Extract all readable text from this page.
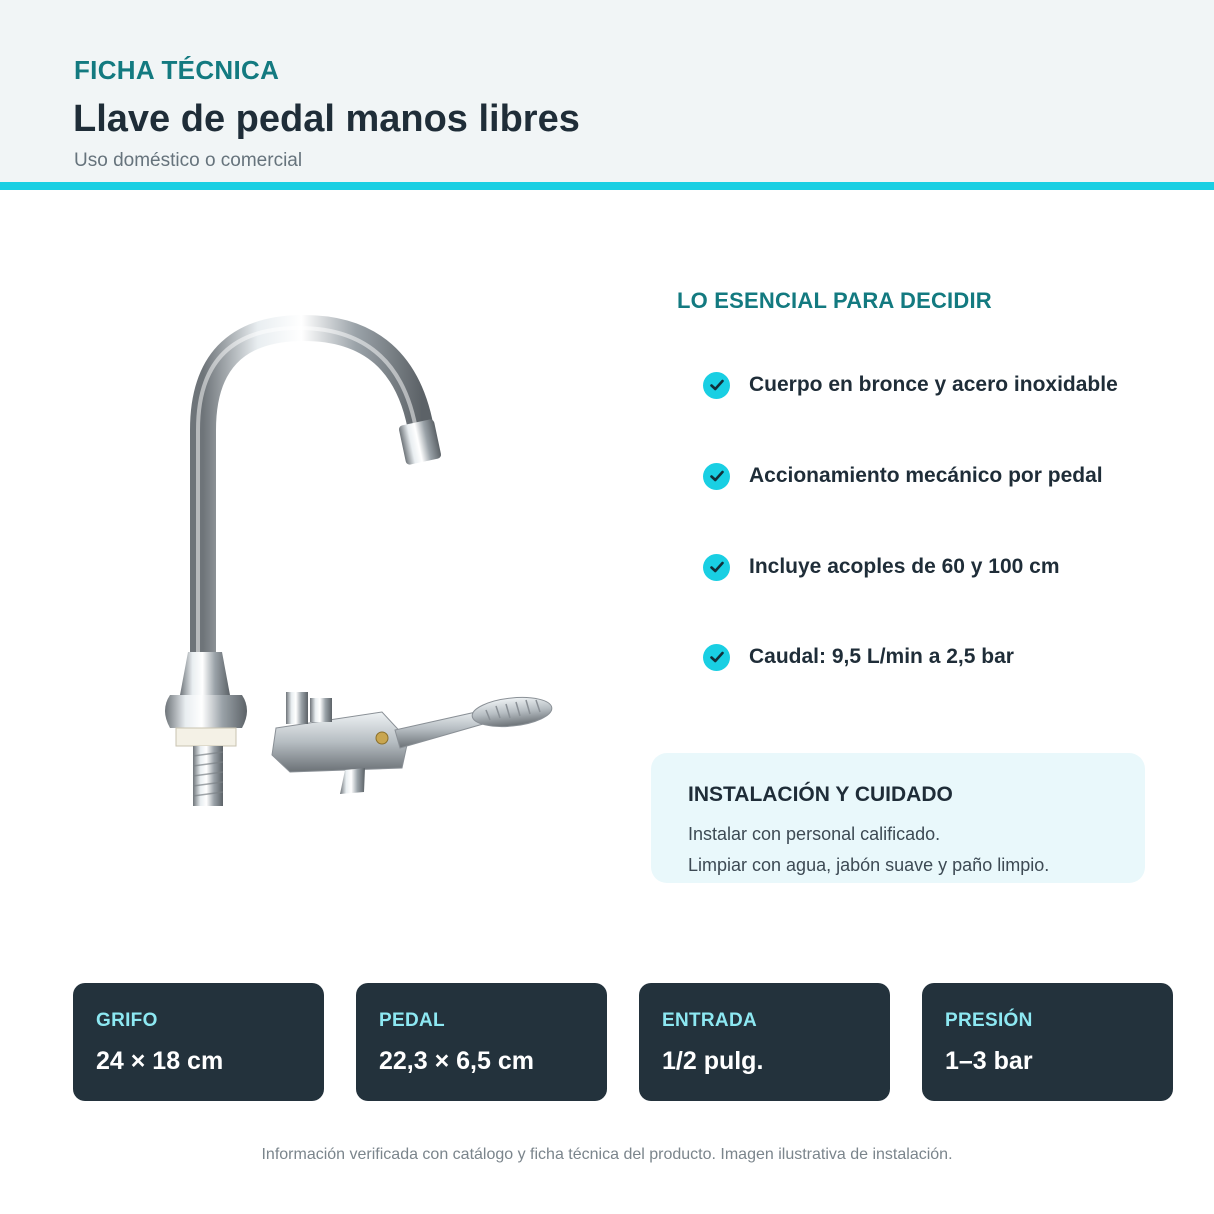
FICHA TÉCNICA
Llave de pedal manos libres
Uso doméstico o comercial
LO ESENCIAL PARA DECIDIR
Cuerpo en bronce y acero inoxidable
Accionamiento mecánico por pedal
Incluye acoples de 60 y 100 cm
Caudal: 9,5 L/min a 2,5 bar
INSTALACIÓN Y CUIDADO
Instalar con personal calificado.
Limpiar con agua, jabón suave y paño limpio.
GRIFO
24 × 18 cm
PEDAL
22,3 × 6,5 cm
ENTRADA
1/2 pulg.
PRESIÓN
1–3 bar
Información verificada con catálogo y ficha técnica del producto. Imagen ilustrativa de instalación.
